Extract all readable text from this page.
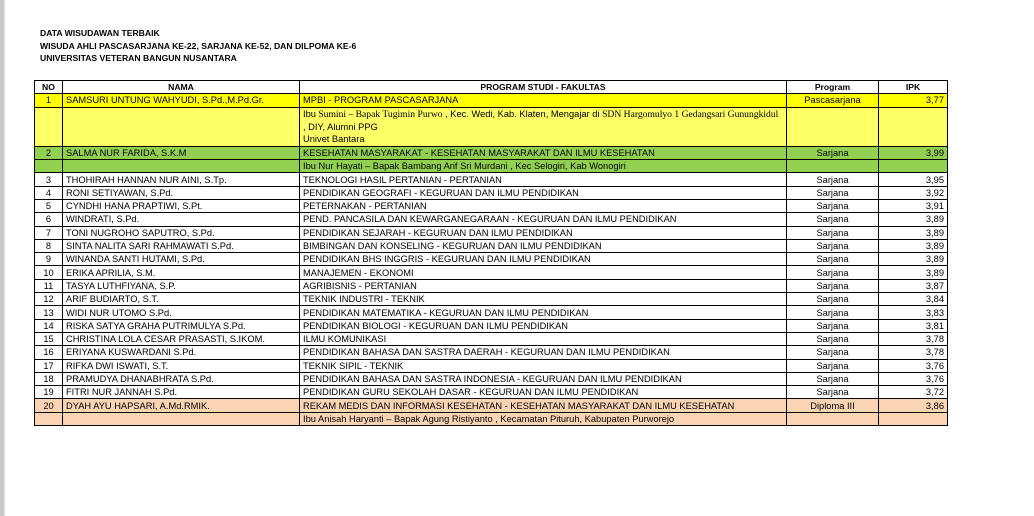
DATA WISUDAWAN TERBAIK
WISUDA AHLI PASCASARJANA KE-22, SARJANA KE-52, DAN DILPOMA KE-6
UNIVERSITAS VETERAN BANGUN NUSANTARA
NO	NAMA	PROGRAM STUDI - FAKULTAS	Program	IPK
1	SAMSURI UNTUNG WAHYUDI, S.Pd.,M.Pd.Gr.	MPBI - PROGRAM PASCASARJANA	Pascasarjana	3,77
		Ibu Sumini – Bapak Tugimin Purwo , Kec. Wedi, Kab. Klaten, Mengajar di SDN Hargomulyo 1 Gedangsari Gunungkidul , DIY, Alumni PPG
Univet Bantara		
2	SALMA NUR FARIDA, S.K.M	KESEHATAN MASYARAKAT - KESEHATAN MASYARAKAT DAN ILMU KESEHATAN	Sarjana	3,99
		Ibu Nur Hayati – Bapak Bambang Arif Sri Murdani , Kec Selogiri, Kab Wonogiri		
3	THOHIRAH HANNAN NUR AINI, S.Tp.	TEKNOLOGI HASIL PERTANIAN - PERTANIAN	Sarjana	3,95
4	RONI SETIYAWAN, S.Pd.	PENDIDIKAN GEOGRAFI - KEGURUAN DAN ILMU PENDIDIKAN	Sarjana	3,92
5	CYNDHI HANA PRAPTIWI, S.Pt.	PETERNAKAN - PERTANIAN	Sarjana	3,91
6	WINDRATI, S.Pd.	PEND. PANCASILA DAN KEWARGANEGARAAN - KEGURUAN DAN ILMU PENDIDIKAN	Sarjana	3,89
7	TONI NUGROHO SAPUTRO, S.Pd.	PENDIDIKAN SEJARAH - KEGURUAN DAN ILMU PENDIDIKAN	Sarjana	3,89
8	SINTA NALITA SARI RAHMAWATI S.Pd.	BIMBINGAN DAN KONSELING - KEGURUAN DAN ILMU PENDIDIKAN	Sarjana	3,89
9	WINANDA SANTI HUTAMI, S.Pd.	PENDIDIKAN BHS INGGRIS - KEGURUAN DAN ILMU PENDIDIKAN	Sarjana	3,89
10	ERIKA APRILIA, S.M.	MANAJEMEN - EKONOMI	Sarjana	3,89
11	TASYA LUTHFIYANA, S.P.	AGRIBISNIS - PERTANIAN	Sarjana	3,87
12	ARIF BUDIARTO, S.T.	TEKNIK INDUSTRI - TEKNIK	Sarjana	3,84
13	WIDI NUR UTOMO S.Pd.	PENDIDIKAN MATEMATIKA - KEGURUAN DAN ILMU PENDIDIKAN	Sarjana	3,83
14	RISKA SATYA GRAHA PUTRIMULYA S.Pd.	PENDIDIKAN BIOLOGI - KEGURUAN DAN ILMU PENDIDIKAN	Sarjana	3,81
15	CHRISTINA LOLA CESAR PRASASTI, S.IKOM.	ILMU KOMUNIKASI	Sarjana	3,78
16	ERIYANA KUSWARDANI S.Pd.	PENDIDIKAN BAHASA DAN SASTRA DAERAH - KEGURUAN DAN ILMU PENDIDIKAN	Sarjana	3,78
17	RIFKA DWI ISWATI, S.T.	TEKNIK SIPIL - TEKNIK	Sarjana	3,76
18	PRAMUDYA DHANABHRATA S.Pd.	PENDIDIKAN BAHASA DAN SASTRA INDONESIA - KEGURUAN DAN ILMU PENDIDIKAN	Sarjana	3,76
19	FITRI NUR JANNAH S.Pd.	PENDIDIKAN GURU SEKOLAH DASAR - KEGURUAN DAN ILMU PENDIDIKAN	Sarjana	3,72
20	DYAH AYU HAPSARI, A.Md.RMIK.	REKAM MEDIS DAN INFORMASI KESEHATAN - KESEHATAN MASYARAKAT DAN ILMU KESEHATAN	Diploma III	3,86
		Ibu Anisah Haryanti – Bapak Agung Ristiyanto , Kecamatan Pituruh, Kabupaten Purworejo		
